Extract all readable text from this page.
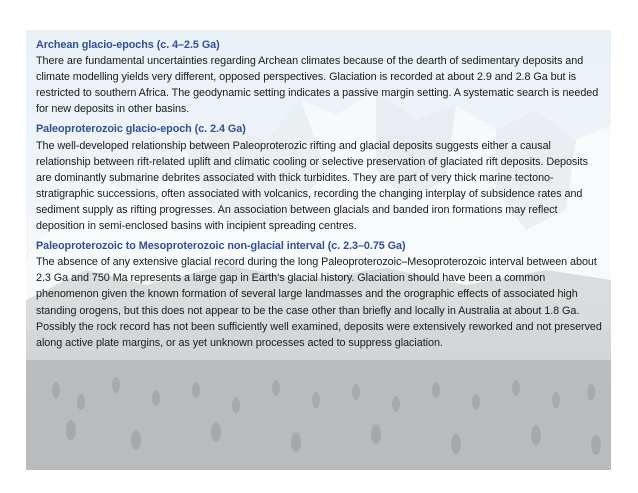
Archean glacio-epochs (c. 4–2.5 Ga)
There are fundamental uncertainties regarding Archean climates because of the dearth of sedimentary deposits and climate modelling yields very different, opposed perspectives. Glaciation is recorded at about 2.9 and 2.8 Ga but is restricted to southern Africa. The geodynamic setting indicates a passive margin setting. A systematic search is needed for new deposits in other basins.
Paleoproterozoic glacio-epoch (c. 2.4 Ga)
The well-developed relationship between Paleoproterozic rifting and glacial deposits suggests either a causal relationship between rift-related uplift and climatic cooling or selective preservation of glaciated rift deposits. Deposits are dominantly submarine debrites associated with thick turbidites. They are part of very thick marine tectono-stratigraphic successions, often associated with volcanics, recording the changing interplay of subsidence rates and sediment supply as rifting progresses. An association between glacials and banded iron formations may reflect deposition in semi-enclosed basins with incipient spreading centres.
Paleoproterozoic to Mesoproterozoic non-glacial interval (c. 2.3–0.75 Ga)
The absence of any extensive glacial record during the long Paleoproterozoic–Mesoproterozoic interval between about 2.3 Ga and 750 Ma represents a large gap in Earth's glacial history. Glaciation should have been a common phenomenon given the known formation of several large landmasses and the orographic effects of associated high standing orogens, but this does not appear to be the case other than briefly and locally in Australia at about 1.8 Ga. Possibly the rock record has not been sufficiently well examined, deposits were extensively reworked and not preserved along active plate margins, or as yet unknown processes acted to suppress glaciation.
